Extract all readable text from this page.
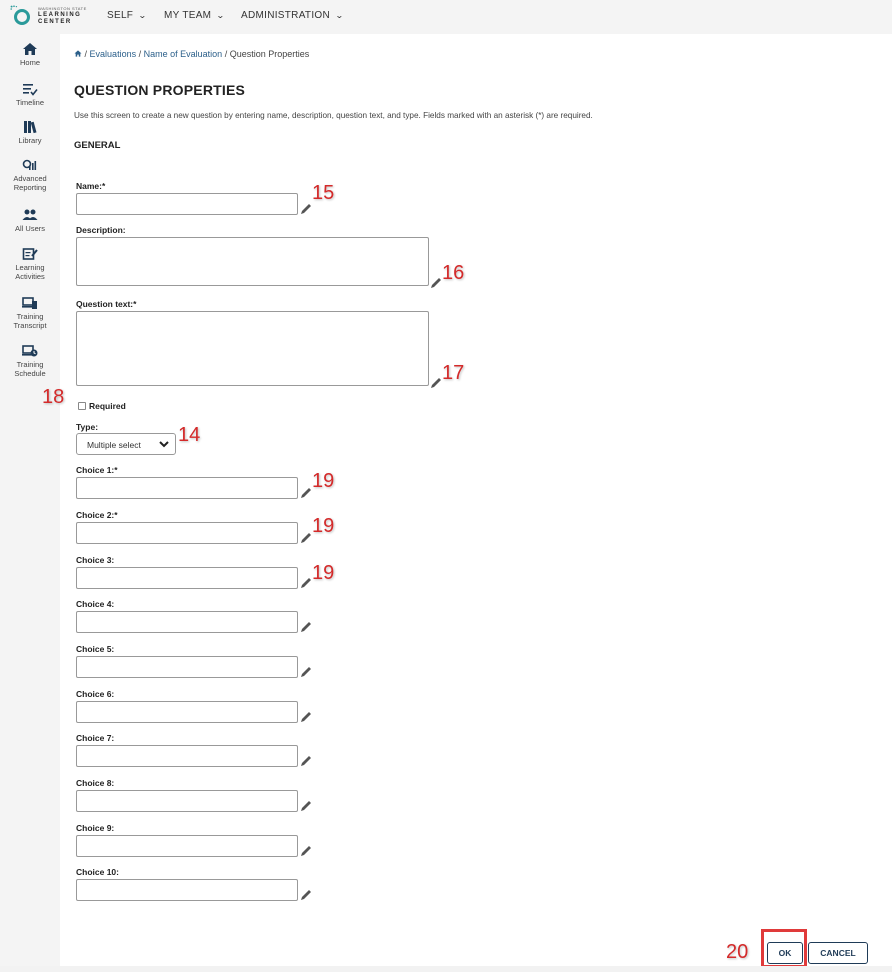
WASHINGTON STATE
LEARNING
CENTER
SELF ⌄ MY TEAM ⌄ ADMINISTRATION ⌄
Home
Timeline
Library
Advanced Reporting
All Users
Learning Activities
Training Transcript
Training Schedule
/ Evaluations / Name of Evaluation / Question Properties
QUESTION PROPERTIES
Use this screen to create a new question by entering name, description, question text, and type. Fields marked with an asterisk (*) are required.
GENERAL
Name:*	15
Description:
16
Question text:*
17
18	Required
Type:
Multiple select	14
Choice 1:*	19
Choice 2:*	19
Choice 3:
19
Choice 4:
Choice 5:
Choice 6:
Choice 7:
Choice 8:
Choice 9:
Choice 10:
20	OK	CANCEL
